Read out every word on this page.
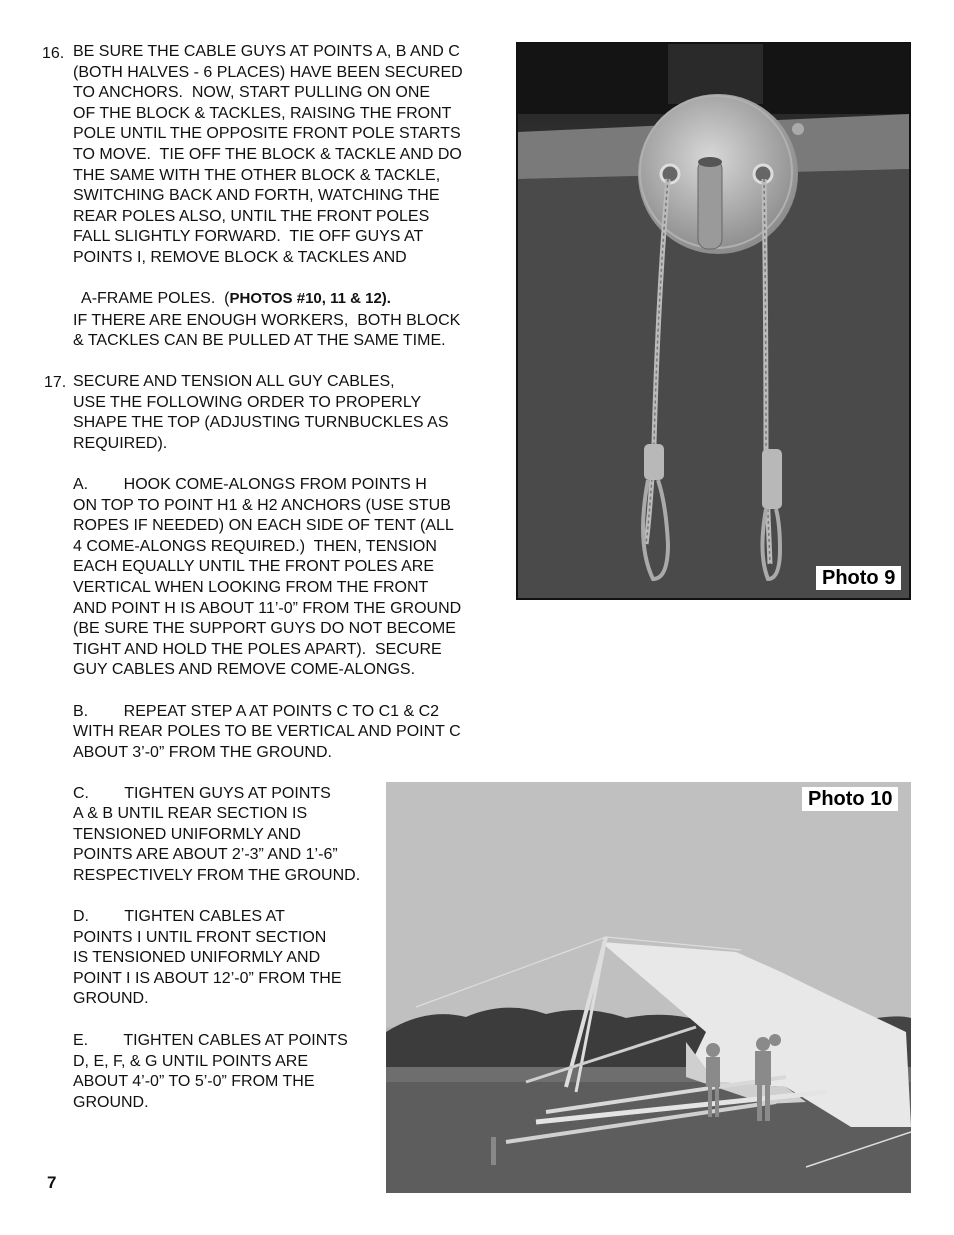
16. BE SURE THE CABLE GUYS AT POINTS A, B AND C
(BOTH HALVES - 6 PLACES) HAVE BEEN SECURED
TO ANCHORS.  NOW, START PULLING ON ONE
OF THE BLOCK & TACKLES, RAISING THE FRONT
POLE UNTIL THE OPPOSITE FRONT POLE STARTS
TO MOVE.  TIE OFF THE BLOCK & TACKLE AND DO
THE SAME WITH THE OTHER BLOCK & TACKLE,
SWITCHING BACK AND FORTH, WATCHING THE
REAR POLES ALSO, UNTIL THE FRONT POLES
FALL SLIGHTLY FORWARD.  TIE OFF GUYS AT
POINTS I, REMOVE BLOCK & TACKLES AND

A-FRAME POLES.  (PHOTOS #10, 11 & 12).

IF THERE ARE ENOUGH WORKERS,  BOTH BLOCK
& TACKLES CAN BE PULLED AT THE SAME TIME.
17. SECURE AND TENSION ALL GUY CABLES,
USE THE FOLLOWING ORDER TO PROPERLY
SHAPE THE TOP (ADJUSTING TURNBUCKLES AS
REQUIRED).
A.        HOOK COME-ALONGS FROM POINTS H
ON TOP TO POINT H1 & H2 ANCHORS (USE STUB
ROPES IF NEEDED) ON EACH SIDE OF TENT (ALL
4 COME-ALONGS REQUIRED.)  THEN, TENSION
EACH EQUALLY UNTIL THE FRONT POLES ARE
VERTICAL WHEN LOOKING FROM THE FRONT
AND POINT H IS ABOUT 11’-0” FROM THE GROUND
(BE SURE THE SUPPORT GUYS DO NOT BECOME
TIGHT AND HOLD THE POLES APART).  SECURE
GUY CABLES AND REMOVE COME-ALONGS.
B.        REPEAT STEP A AT POINTS C TO C1 & C2
WITH REAR POLES TO BE VERTICAL AND POINT C
ABOUT 3’-0” FROM THE GROUND.
C.        TIGHTEN GUYS AT POINTS
A & B UNTIL REAR SECTION IS
TENSIONED UNIFORMLY AND
POINTS ARE ABOUT 2’-3” AND 1’-6”
RESPECTIVELY FROM THE GROUND.
D.        TIGHTEN CABLES AT
POINTS I UNTIL FRONT SECTION
IS TENSIONED UNIFORMLY AND
POINT I IS ABOUT 12’-0” FROM THE
GROUND.
E.        TIGHTEN CABLES AT POINTS
D, E, F, & G UNTIL POINTS ARE
ABOUT 4’-0” TO 5’-0” FROM THE
GROUND.
Photo 9
Photo 10
7
